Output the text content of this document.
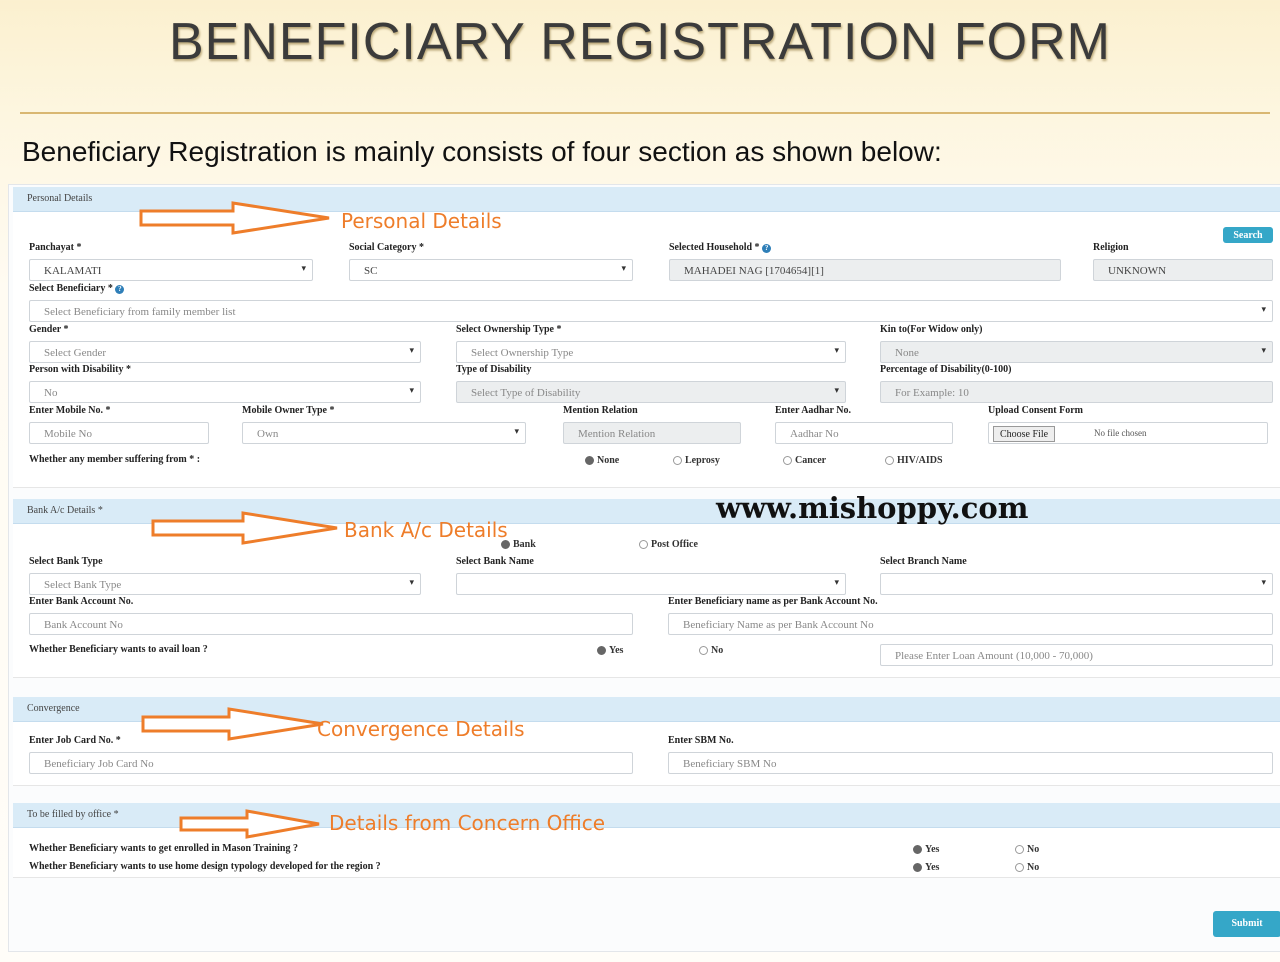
BENEFICIARY REGISTRATION FORM
Beneficiary Registration is mainly consists of four section as shown below:
www.mishoppy.com
Personal Details
Personal Details
Search
Panchayat *
KALAMATI	▾
Social Category *
SC	▾
Selected Household * ?
MAHADEI NAG [1704654][1]
Religion
UNKNOWN
Select Beneficiary * ?
Select Beneficiary from family member list	▾
Gender *
Select Gender	▾
Select Ownership Type *
Select Ownership Type	▾
Kin to(For Widow only)
None	▾
Person with Disability *
No	▾
Type of Disability
Select Type of Disability	▾
Percentage of Disability(0-100)
For Example: 10
Enter Mobile No. *
Mobile No
Mobile Owner Type *
Own	▾
Mention Relation
Mention Relation
Enter Aadhar No.
Aadhar No
Upload Consent Form
Choose File	No file chosen
Whether any member suffering from * :	None	Leprosy	Cancer	HIV/AIDS
Bank A/c Details *
Bank A/c Details
Bank	Post Office
Select Bank Type
Select Bank Type	▾
Select Bank Name
▾
Select Branch Name
▾
Enter Bank Account No.
Bank Account No
Enter Beneficiary name as per Bank Account No.
Beneficiary Name as per Bank Account No
Whether Beneficiary wants to avail loan ?	Yes	No	Please Enter Loan Amount (10,000 - 70,000)
Convergence
Convergence Details
Enter Job Card No. *
Beneficiary Job Card No
Enter SBM No.
Beneficiary SBM No
To be filled by office *	Details from Concern Office
Whether Beneficiary wants to get enrolled in Mason Training ?	Yes	No
Whether Beneficiary wants to use home design typology developed for the region ?	Yes	No
Submit
